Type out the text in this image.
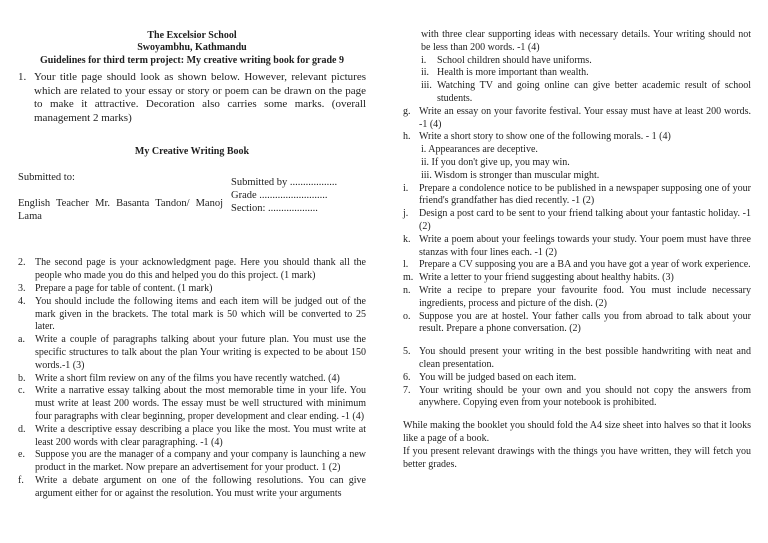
The Excelsior School
Swoyambhu, Kathmandu
Guidelines for third term project: My creative writing book for grade 9
1. Your title page should look as shown below. However, relevant pictures which are related to your essay or story or poem can be drawn on the page to make it attractive. Decoration also carries some marks. (overall management 2 marks)
My Creative Writing Book
Submitted to:
English Teacher Mr. Basanta Tandon/ Manoj Lama
Submitted by ..................
Grade ..........................
Section: ...................
2. The second page is your acknowledgment page. Here you should thank all the people who made you do this and helped you do this project. (1 mark)
3. Prepare a page for table of content. (1 mark)
4. You should include the following items and each item will be judged out of the mark given in the brackets. The total mark is 50 which will be converted to 25 later.
a.	Write a couple of paragraphs talking about your future plan. You must use the specific structures to talk about the plan Your writing is expected to be about 150 words.-1 (3)
b. Write a short film review on any of the films you have recently watched. (4)
c.	Write a narrative essay talking about the most memorable time in your life. You must write at least 200 words. The essay must be well structured with minimum four paragraphs with clear beginning, proper development and clear ending. -1 (4)
d. Write a descriptive essay describing a place you like the most. You must write at least 200 words with clear paragraphing. -1 (4)
e.	Suppose you are the manager of a company and your company is launching a new product in the market. Now prepare an advertisement for your product. 1 (2)
f.	Write a debate argument on one of the following resolutions. You can give argument either for or against the resolution. You must write your arguments
with three clear supporting ideas with necessary details. Your writing should not be less than 200 words. -1 (4)
i.	School children should have uniforms.
ii. Health is more important than wealth.
iii. Watching TV and going online can give better academic result of school students.
g. Write an essay on your favorite festival. Your essay must have at least 200 words. -1 (4)
h. Write a short story to show one of the following morals. - 1 (4)
i. Appearances are deceptive.
ii. If you don't give up, you may win.
iii. Wisdom is stronger than muscular might.
i.	Prepare a condolence notice to be published in a newspaper supposing one of your friend's grandfather has died recently. -1 (2)
j.	Design a post card to be sent to your friend talking about your fantastic holiday. -1 (2)
k. Write a poem about your feelings towards your study. Your poem must have three stanzas with four lines each. -1 (2)
l.	Prepare a CV supposing you are a BA and you have got a year of work experience.
m. Write a letter to your friend suggesting about healthy habits. (3)
n. Write a recipe to prepare your favourite food. You must include necessary ingredients, process and picture of the dish. (2)
o. Suppose you are at hostel. Your father calls you from abroad to talk about your result. Prepare a phone conversation. (2)
5. You should present your writing in the best possible handwriting with neat and clean presentation.
6. You will be judged based on each item.
7. Your writing should be your own and you should not copy the answers from anywhere. Copying even from your notebook is prohibited.

While making the booklet you should fold the A4 size sheet into halves so that it looks like a page of a book.

If you present relevant drawings with the things you have written, they will fetch you better grades.
